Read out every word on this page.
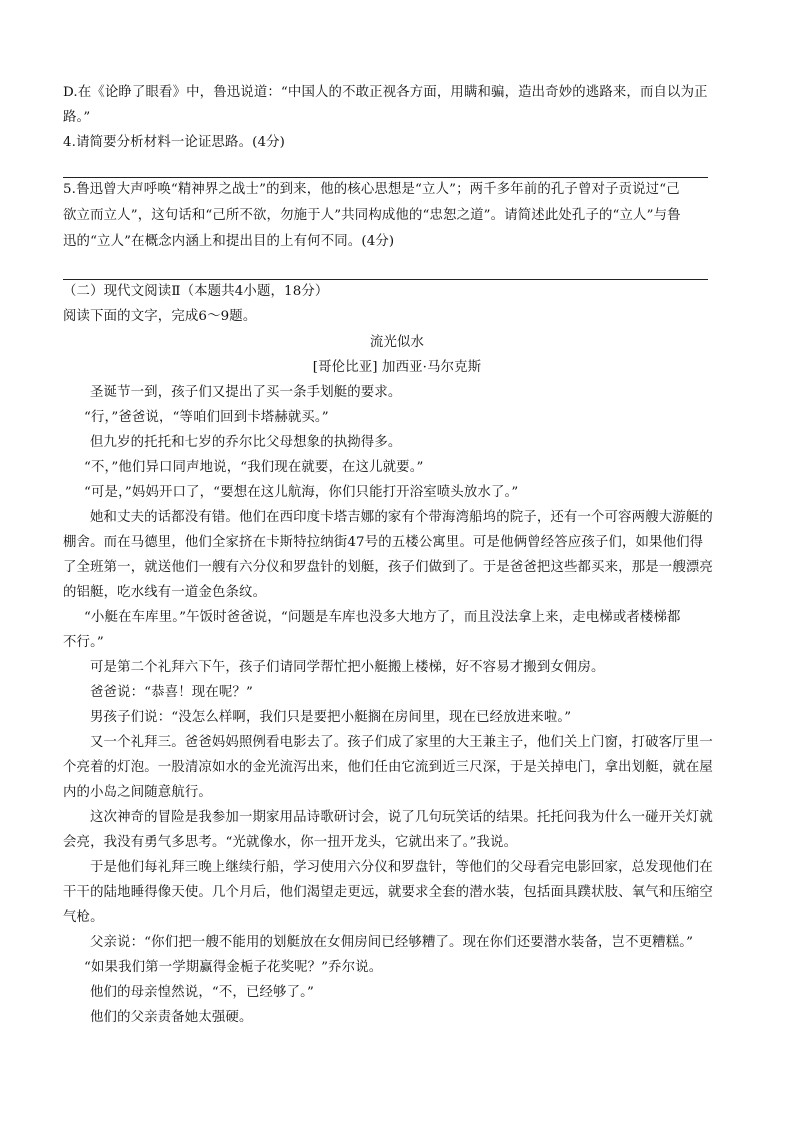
D.在《论睁了眼看》中，鲁迅说道：“中国人的不敢正视各方面，用瞒和骗，造出奇妙的逃路来，而自以为正
路。”
4.请简要分析材料一论证思路。(4分)
5.鲁迅曾大声呼唤“精神界之战士”的到来，他的核心思想是“立人”；两千多年前的孔子曾对子贡说过“己
欲立而立人”，这句话和“己所不欲，勿施于人”共同构成他的“忠恕之道”。请简述此处孔子的“立人”与鲁
迅的“立人”在概念内涵上和提出目的上有何不同。(4分)
（二）现代文阅读Ⅱ（本题共4小题，18分）
阅读下面的文字，完成6～9题。
流光似水
[哥伦比亚] 加西亚·马尔克斯
圣诞节一到，孩子们又提出了买一条手划艇的要求。
“行，”爸爸说，“等咱们回到卡塔赫就买。”
但九岁的托托和七岁的乔尔比父母想象的执拗得多。
“不，”他们异口同声地说，“我们现在就要，在这儿就要。”
“可是，”妈妈开口了，“要想在这儿航海，你们只能打开浴室喷头放水了。”
她和丈夫的话都没有错。他们在西印度卡塔吉娜的家有个带海湾船坞的院子，还有一个可容两艘大游艇的
棚舍。而在马德里，他们全家挤在卡斯特拉纳街47号的五楼公寓里。可是他俩曾经答应孩子们，如果他们得
了全班第一，就送他们一艘有六分仪和罗盘针的划艇，孩子们做到了。于是爸爸把这些都买来，那是一艘漂亮
的铝艇，吃水线有一道金色条纹。
“小艇在车库里。”午饭时爸爸说，“问题是车库也没多大地方了，而且没法拿上来，走电梯或者楼梯都
不行。”
可是第二个礼拜六下午，孩子们请同学帮忙把小艇搬上楼梯，好不容易才搬到女佣房。
爸爸说：“恭喜！现在呢？”
男孩子们说：“没怎么样啊，我们只是要把小艇搁在房间里，现在已经放进来啦。”
又一个礼拜三。爸爸妈妈照例看电影去了。孩子们成了家里的大王兼主子，他们关上门窗，打破客厅里一
个亮着的灯泡。一股清凉如水的金光流泻出来，他们任由它流到近三尺深，于是关掉电门，拿出划艇，就在屋
内的小岛之间随意航行。
这次神奇的冒险是我参加一期家用品诗歌研讨会，说了几句玩笑话的结果。托托问我为什么一碰开关灯就
会亮，我没有勇气多思考。“光就像水，你一扭开龙头，它就出来了。”我说。
于是他们每礼拜三晚上继续行船，学习使用六分仪和罗盘针，等他们的父母看完电影回家，总发现他们在
干干的陆地睡得像天使。几个月后，他们渴望走更远，就要求全套的潜水装，包括面具蹼状肢、氧气和压缩空
气枪。
父亲说：“你们把一艘不能用的划艇放在女佣房间已经够糟了。现在你们还要潜水装备，岂不更糟糕。”
“如果我们第一学期赢得金栀子花奖呢？”乔尔说。
他们的母亲惶然说，“不，已经够了。”
他们的父亲责备她太强硬。
